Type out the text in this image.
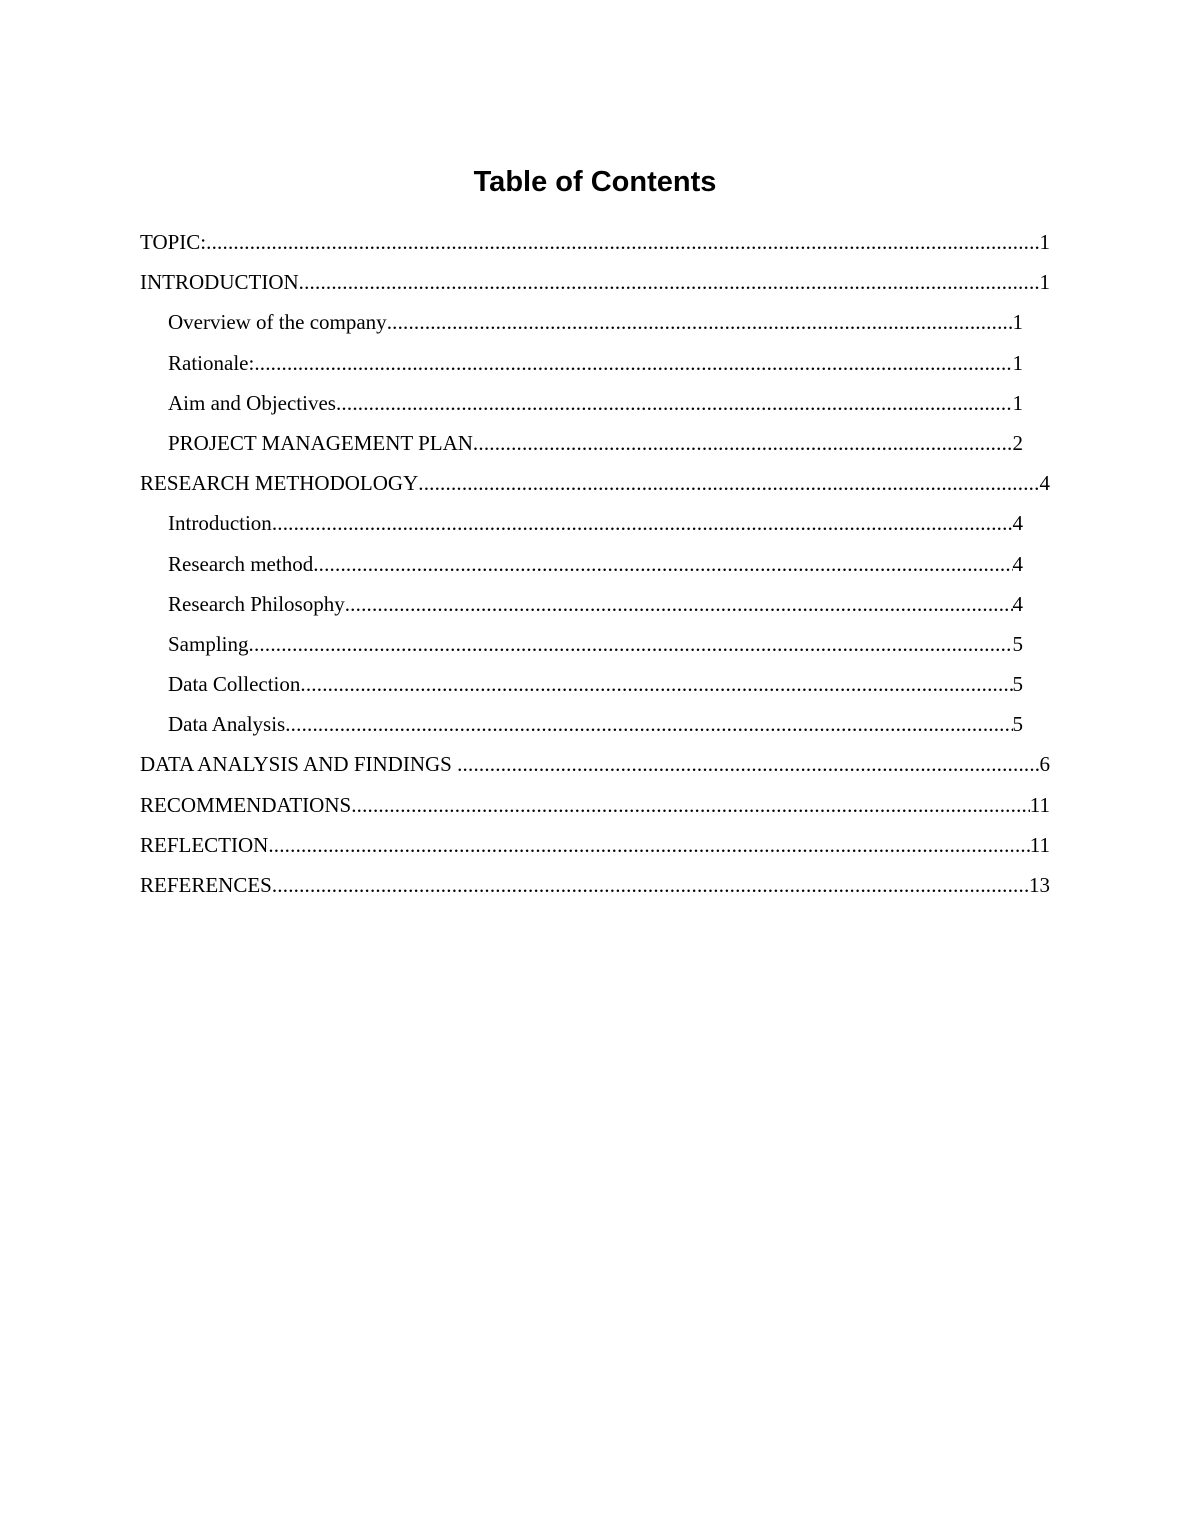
Table of Contents
TOPIC: .....	1
INTRODUCTION .....	1
Overview of the company .....	1
Rationale: .....	1
Aim and Objectives .....	1
PROJECT MANAGEMENT PLAN .....	2
RESEARCH METHODOLOGY .....	4
Introduction .....	4
Research method .....	4
Research Philosophy .....	4
Sampling .....	5
Data Collection .....	5
Data Analysis .....	5
DATA ANALYSIS AND FINDINGS .....	6
RECOMMENDATIONS .....	11
REFLECTION .....	11
REFERENCES .....	13
